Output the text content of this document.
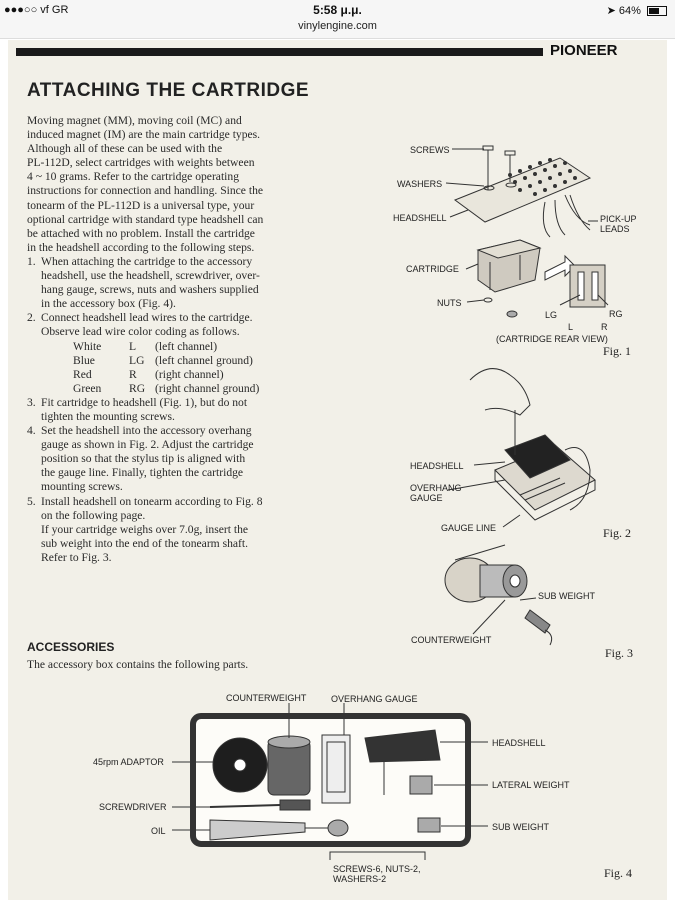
●●●○○ vf GR	5:58 μ.μ.	➤ 64%
vinylengine.com
PIONEER
ATTACHING THE CARTRIDGE

Moving magnet (MM), moving coil (MC) and
induced magnet (IM) are the main cartridge types.
Although all of these can be used with the
PL-112D, select cartridges with weights between
4 ~ 10 grams. Refer to the cartridge operating
instructions for connection and handling. Since the
tonearm of the PL-112D is a universal type, your
optional cartridge with standard type headshell can
be attached with no problem. Install the cartridge
in the headshell according to the following steps.

1. When attaching the cartridge to the accessory
headshell, use the headshell, screwdriver, over-
hang gauge, screws, nuts and washers supplied
in the accessory box (Fig. 4).
2. Connect headshell lead wires to the cartridge.
Observe lead wire color coding as follows.
White L (left channel)
Blue	LG (left channel ground)
Red	R (right channel)
Green RG (right channel ground)
3. Fit cartridge to headshell (Fig. 1), but do not
tighten the mounting screws.
4. Set the headshell into the accessory overhang
gauge as shown in Fig. 2. Adjust the cartridge
position so that the stylus tip is aligned with
the gauge line. Finally, tighten the cartridge
mounting screws.
5. Install headshell on tonearm according to Fig. 8
on the following page.
If your cartridge weighs over 7.0g, insert the
sub weight into the end of the tonearm shaft.
Refer to Fig. 3.
ACCESSORIES
The accessory box contains the following parts.
SCREWS
WASHERS
HEADSHELL	PICK-UP
LEADS
CARTRIDGE
NUTS
LG	RG
L	R
(CARTRIDGE REAR VIEW)
Fig. 1
HEADSHELL
OVERHANG
GAUGE
GAUGE LINE	Fig. 2
SUB WEIGHT
COUNTERWEIGHT
Fig. 3
COUNTERWEIGHT	OVERHANG GAUGE
45rpm ADAPTOR
HEADSHELL
LATERAL WEIGHT
SCREWDRIVER
OIL	SUB WEIGHT
SCREWS-6, NUTS-2,
WASHERS-2	Fig. 4
